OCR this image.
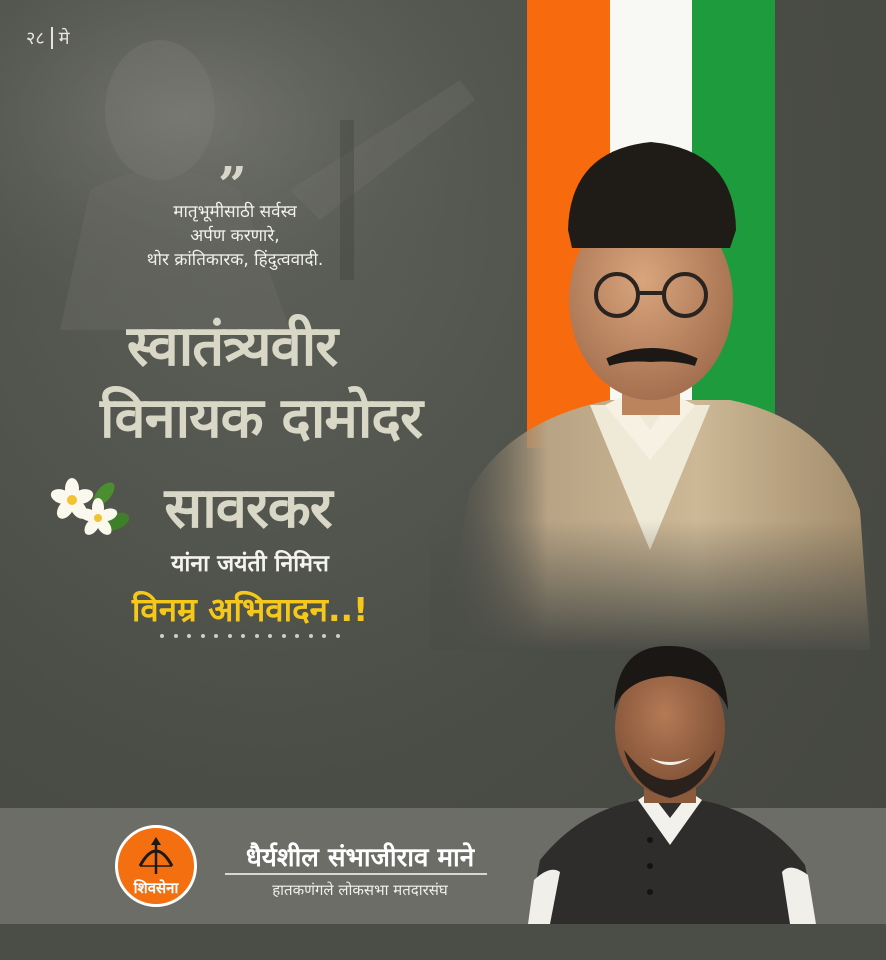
२८ मे
”
मातृभूमीसाठी सर्वस्व
अर्पण करणारे,
थोर क्रांतिकारक, हिंदुत्ववादी.
स्वातंत्र्यवीर
विनायक दामोदर
सावरकर
यांना जयंती निमित्त
विनम्र अभिवादन..!
शिवसेना
धैर्यशील संभाजीराव माने
हातकणंगले लोकसभा मतदारसंघ
